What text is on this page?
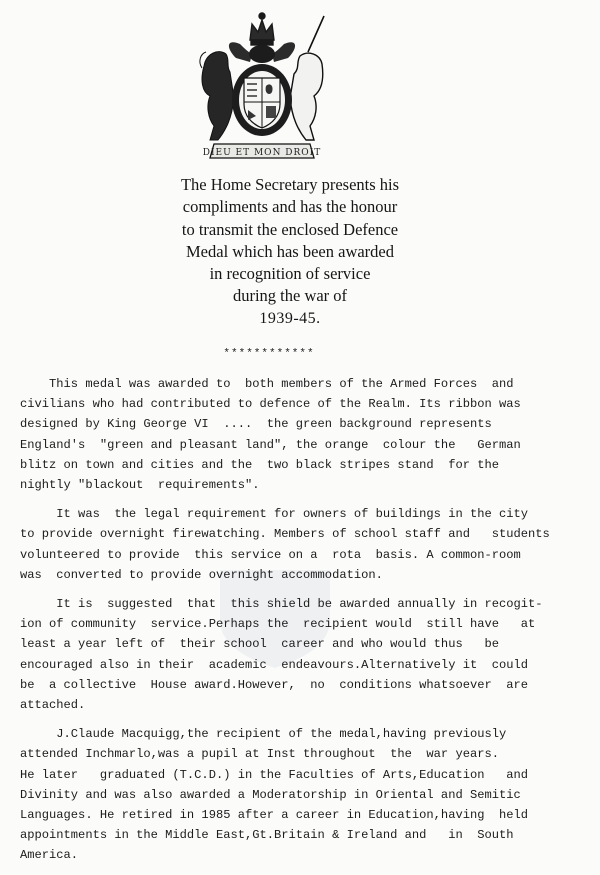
DIEU ET MON DROIT
The Home Secretary presents his
compliments and has the honour
to transmit the enclosed Defence
Medal which has been awarded
in recognition of service
during the war of
1939-45.
************
This medal was awarded to  both members of the Armed Forces  and
civilians who had contributed to defence of the Realm. Its ribbon was
designed by King George VI  ....  the green background represents
England's  "green and pleasant land", the orange  colour the   German
blitz on town and cities and the  two black stripes stand  for the
nightly "blackout  requirements".
It was  the legal requirement for owners of buildings in the city
to provide overnight firewatching. Members of school staff and   students
volunteered to provide  this service on a  rota  basis. A common-room
was  converted to provide overnight accommodation.
It is  suggested  that  this shield be awarded annually in recogit-
ion of community  service.Perhaps the  recipient would  still have   at
least a year left of  their school  career and who would thus   be
encouraged also in their  academic  endeavours.Alternatively it  could
be  a collective  House award.However,  no  conditions whatsoever  are
attached.
J.Claude Macquigg,the recipient of the medal,having previously
attended Inchmarlo,was a pupil at Inst throughout  the  war years.
He later   graduated (T.C.D.) in the Faculties of Arts,Education   and
Divinity and was also awarded a Moderatorship in Oriental and Semitic
Languages. He retired in 1985 after a career in Education,having  held
appointments in the Middle East,Gt.Britain & Ireland and   in  South
America.
